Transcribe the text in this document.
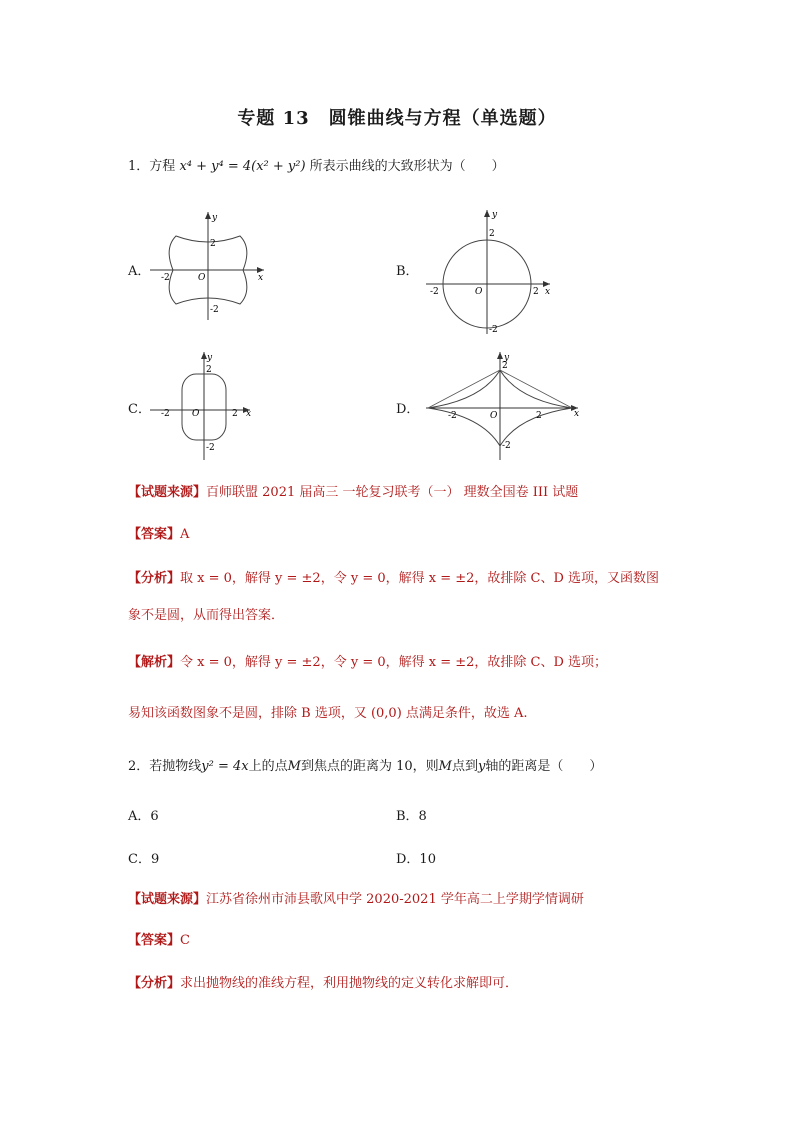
专题 13　圆锥曲线与方程（单选题）
1．方程 x⁴ + y⁴ = 4(x² + y²) 所表示曲线的大致形状为（　　）
A．	B．
C．	D．
y
x
O
2
-2
-2
y
x
O
2
2
-2
-2
y
x
O
2
2
-2
-2
y
x
O
2
2
-2
-2
【试题来源】百师联盟 2021 届高三 一轮复习联考（一） 理数全国卷 III 试题
【答案】A
【分析】取 x = 0，解得 y = ±2，令 y = 0，解得 x = ±2，故排除 C、D 选项，又函数图
象不是圆，从而得出答案．
【解析】令 x = 0，解得 y = ±2，令 y = 0，解得 x = ±2，故排除 C、D 选项；
易知该函数图象不是圆，排除 B 选项，又 (0,0) 点满足条件，故选 A.
2．若抛物线y² = 4x上的点M到焦点的距离为 10，则M点到y轴的距离是（　　）
A．6	B．8
C．9	D．10
【试题来源】江苏省徐州市沛县歌风中学 2020-2021 学年高二上学期学情调研
【答案】C
【分析】求出抛物线的准线方程，利用抛物线的定义转化求解即可．
